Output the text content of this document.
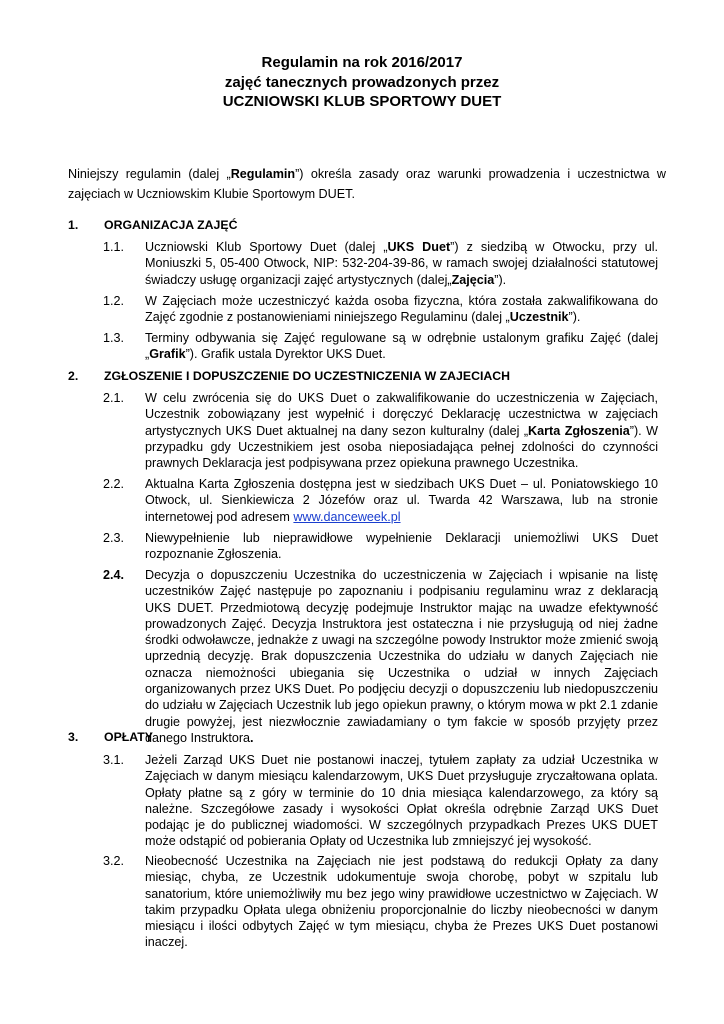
Regulamin na rok 2016/2017
zajęć tanecznych prowadzonych przez
UCZNIOWSKI KLUB SPORTOWY DUET

Niniejszy regulamin (dalej „Regulamin”) określa zasady oraz warunki prowadzenia i uczestnictwa w zajęciach w Uczniowskim Klubie Sportowym DUET.

1. ORGANIZACJA ZAJĘĆ
1.1. Uczniowski Klub Sportowy Duet (dalej „UKS Duet”) z siedzibą w Otwocku, przy ul. Moniuszki 5, 05-400 Otwock, NIP: 532-204-39-86, w ramach swojej działalności statutowej świadczy usługę organizacji zajęć artystycznych (dalej„Zajęcia”).
1.2. W Zajęciach może uczestniczyć każda osoba fizyczna, która została zakwalifikowana do Zajęć zgodnie z postanowieniami niniejszego Regulaminu (dalej „Uczestnik”).
1.3. Terminy odbywania się Zajęć regulowane są w odrębnie ustalonym grafiku Zajęć (dalej „Grafik”). Grafik ustala Dyrektor UKS Duet.
2. ZGŁOSZENIE I DOPUSZCZENIE DO UCZESTNICZENIA W ZAJECIACH
2.1. W celu zwrócenia się do UKS Duet o zakwalifikowanie do uczestniczenia w Zajęciach, Uczestnik zobowiązany jest wypełnić i doręczyć Deklarację uczestnictwa w zajęciach artystycznych UKS Duet aktualnej na dany sezon kulturalny (dalej „Karta Zgłoszenia”). W przypadku gdy Uczestnikiem jest osoba nieposiadająca pełnej zdolności do czynności prawnych Deklaracja jest podpisywana przez opiekuna prawnego Uczestnika.
2.2. Aktualna Karta Zgłoszenia dostępna jest w siedzibach UKS Duet – ul. Poniatowskiego 10 Otwock, ul. Sienkiewicza 2 Józefów oraz ul. Twarda 42 Warszawa, lub na stronie internetowej pod adresem www.danceweek.pl
2.3. Niewypełnienie lub nieprawidłowe wypełnienie Deklaracji uniemożliwi UKS Duet rozpoznanie Zgłoszenia.
2.4. Decyzja o dopuszczeniu Uczestnika do uczestniczenia w Zajęciach i wpisanie na listę uczestników Zajęć następuje po zapoznaniu i podpisaniu regulaminu wraz z deklaracją UKS DUET. Przedmiotową decyzję podejmuje Instruktor mając na uwadze efektywność prowadzonych Zajęć. Decyzja Instruktora jest ostateczna i nie przysługują od niej żadne środki odwoławcze, jednakże z uwagi na szczególne powody Instruktor może zmienić swoją uprzednią decyzję. Brak dopuszczenia Uczestnika do udziału w danych Zajęciach nie oznacza niemożności ubiegania się Uczestnika o udział w innych Zajęciach organizowanych przez UKS Duet. Po podjęciu decyzji o dopuszczeniu lub niedopuszczeniu do udziału w Zajęciach Uczestnik lub jego opiekun prawny, o którym mowa w pkt 2.1 zdanie drugie powyżej, jest niezwłocznie zawiadamiany o tym fakcie w sposób przyjęty przez danego Instruktora.
3. OPŁATY
3.1. Jeżeli Zarząd UKS Duet nie postanowi inaczej, tytułem zapłaty za udział Uczestnika w Zajęciach w danym miesiącu kalendarzowym, UKS Duet przysługuje zryczałtowana oplata. Opłaty płatne są z góry w terminie do 10 dnia miesiąca kalendarzowego, za który są należne. Szczegółowe zasady i wysokości Opłat określa odrębnie Zarząd UKS Duet podając je do publicznej wiadomości. W szczególnych przypadkach Prezes UKS DUET może odstąpić od pobierania Opłaty od Uczestnika lub zmniejszyć jej wysokość.
3.2. Nieobecność Uczestnika na Zajęciach nie jest podstawą do redukcji Opłaty za dany miesiąc, chyba, ze Uczestnik udokumentuje swoja chorobę, pobyt w szpitalu lub sanatorium, które uniemożliwiły mu bez jego winy prawidłowe uczestnictwo w Zajęciach. W takim przypadku Opłata ulega obniżeniu proporcjonalnie do liczby nieobecności w danym miesiącu i ilości odbytych Zajęć w tym miesiącu, chyba że Prezes UKS Duet postanowi inaczej.
